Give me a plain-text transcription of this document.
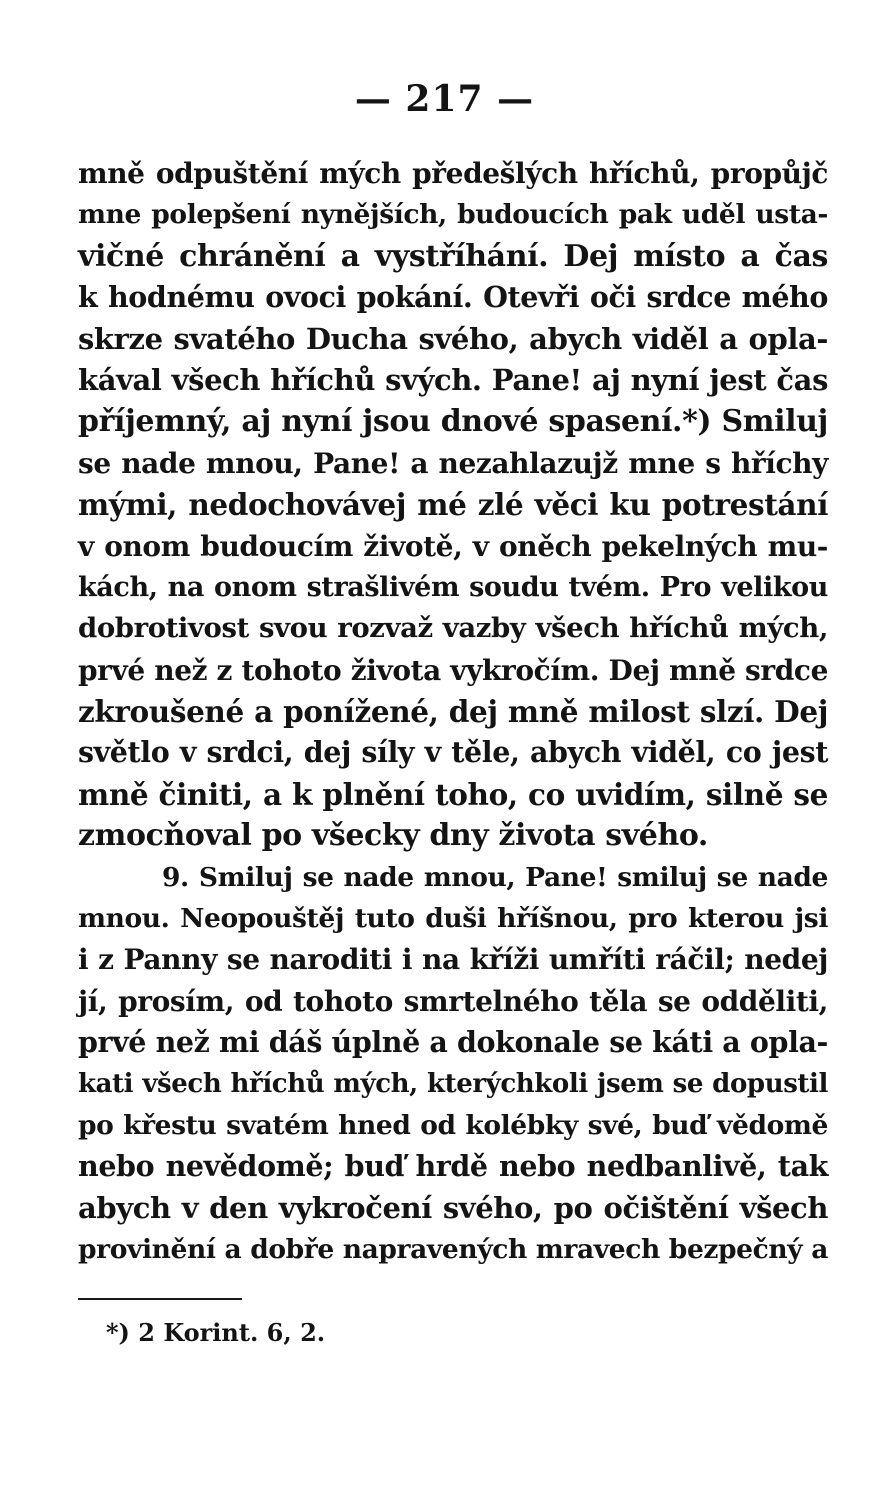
— 217 —
mně odpuštění mých předešlých hříchů, propůjč
mne polepšení nynějších, budoucích pak uděl usta-
vičné chránění a vystříhání. Dej místo a čas
k hodnému ovoci pokání. Otevři oči srdce mého
skrze svatého Ducha svého, abych viděl a opla-
kával všech hříchů svých. Pane! aj nyní jest čas
příjemný, aj nyní jsou dnové spasení.*) Smiluj
se nade mnou, Pane! a nezahlazujž mne s hříchy
mými, nedochovávej mé zlé věci ku potrestání
v onom budoucím životě, v oněch pekelných mu-
kách, na onom strašlivém soudu tvém. Pro velikou
dobrotivost svou rozvaž vazby všech hříchů mých,
prvé než z tohoto života vykročím. Dej mně srdce
zkroušené a ponížené, dej mně milost slzí. Dej
světlo v srdci, dej síly v těle, abych viděl, co jest
mně činiti, a k plnění toho, co uvidím, silně se
zmocňoval po všecky dny života svého.
9. Smiluj se nade mnou, Pane! smiluj se nade
mnou. Neopouštěj tuto duši hříšnou, pro kterou jsi
i z Panny se naroditi i na kříži umříti ráčil; nedej
jí, prosím, od tohoto smrtelného těla se odděliti,
prvé než mi dáš úplně a dokonale se káti a opla-
kati všech hříchů mých, kterýchkoli jsem se dopustil
po křestu svatém hned od kolébky své, buď vědomě
nebo nevědomě; buď hrdě nebo nedbanlivě, tak
abych v den vykročení svého, po očištění všech
provinění a dobře napravených mravech bezpečný a
*) 2 Korint. 6, 2.
